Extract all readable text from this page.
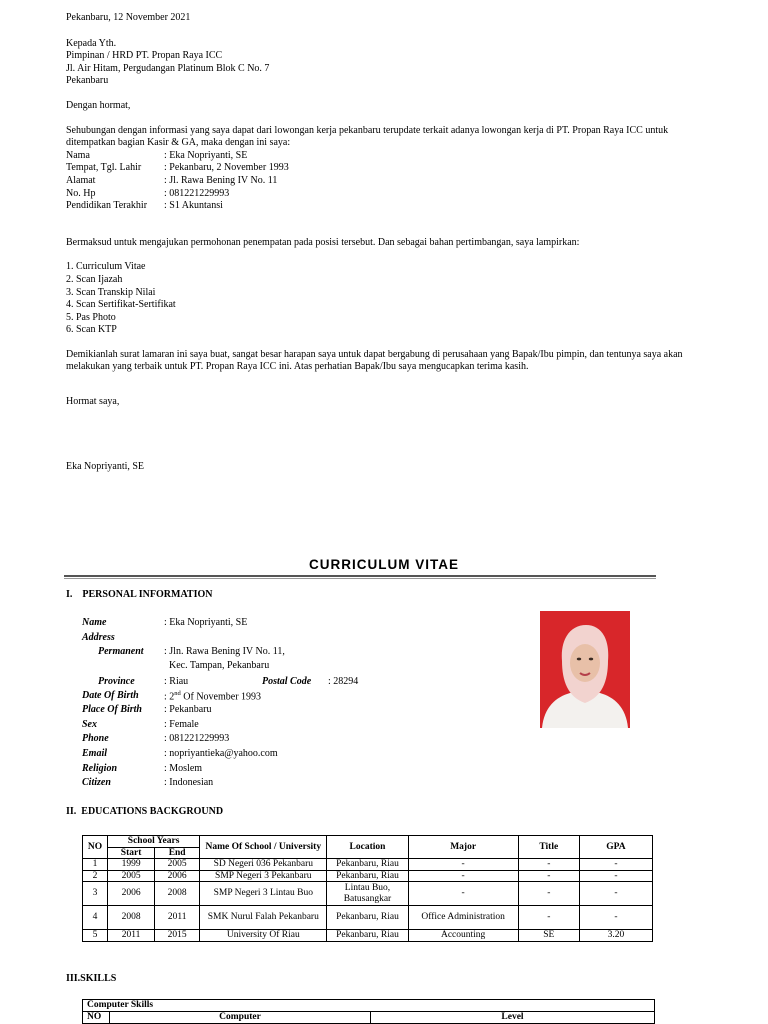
Pekanbaru, 12 November 2021

Kepada Yth.

Pimpinan / HRD PT. Propan Raya ICC

Jl. Air Hitam, Pergudangan Platinum Blok C No. 7

Pekanbaru

Dengan hormat,

Sehubungan dengan informasi yang saya dapat dari lowongan kerja pekanbaru terupdate terkait adanya lowongan kerja di PT. Propan Raya ICC untuk ditempatkan bagian Kasir & GA, maka dengan ini saya:

Nama	: Eka Nopriyanti, SE
Tempat, Tgl. Lahir	: Pekanbaru, 2 November 1993
Alamat	: Jl. Rawa Bening IV No. 11
No. Hp	: 081221229993
Pendidikan Terakhir	: S1 Akuntansi

Bermaksud untuk mengajukan permohonan penempatan pada posisi tersebut. Dan sebagai bahan pertimbangan, saya lampirkan:

1. Curriculum Vitae

2. Scan Ijazah

3. Scan Transkip Nilai

4. Scan Sertifikat-Sertifikat

5. Pas Photo

6. Scan KTP

Demikianlah surat lamaran ini saya buat, sangat besar harapan saya untuk dapat bergabung di perusahaan yang Bapak/Ibu pimpin, dan tentunya saya akan melakukan yang terbaik untuk PT. Propan Raya ICC ini. Atas perhatian Bapak/Ibu saya mengucapkan terima kasih.

Hormat saya,

Eka Nopriyanti, SE

CURRICULUM VITAE
I.    PERSONAL INFORMATION
Name	: Eka Nopriyanti, SE
Address
Permanent : Jln. Rawa Bening IV No. 11,
Kec. Tampan, Pekanbaru
Province	: Riau	Postal Code : 28294
Date Of Birth	: 2nd Of November 1993
Place Of Birth : Pekanbaru
Sex	: Female
Phone	: 081221229993
Email	: nopriyantieka@yahoo.com
Religion	: Moslem
Citizen	: Indonesian
II.  EDUCATIONS BACKGROUND
NO	School Years		Name Of School / University	Location	Major	Title	GPA
	Start	End					
1	1999	2005	SD Negeri 036 Pekanbaru	Pekanbaru, Riau	-	-	-
2	2005	2006	SMP Negeri 3 Pekanbaru	Pekanbaru, Riau	-	-	-
3	2006	2008	SMP Negeri 3 Lintau Buo	Lintau Buo, Batusangkar	-	-	-
4	2008	2011	SMK Nurul Falah Pekanbaru	Pekanbaru, Riau	Office Administration	-	-
5	2011	2015	University Of Riau	Pekanbaru, Riau	Accounting	SE	3.20
III.SKILLS
Computer Skills
NO	Computer	Level
